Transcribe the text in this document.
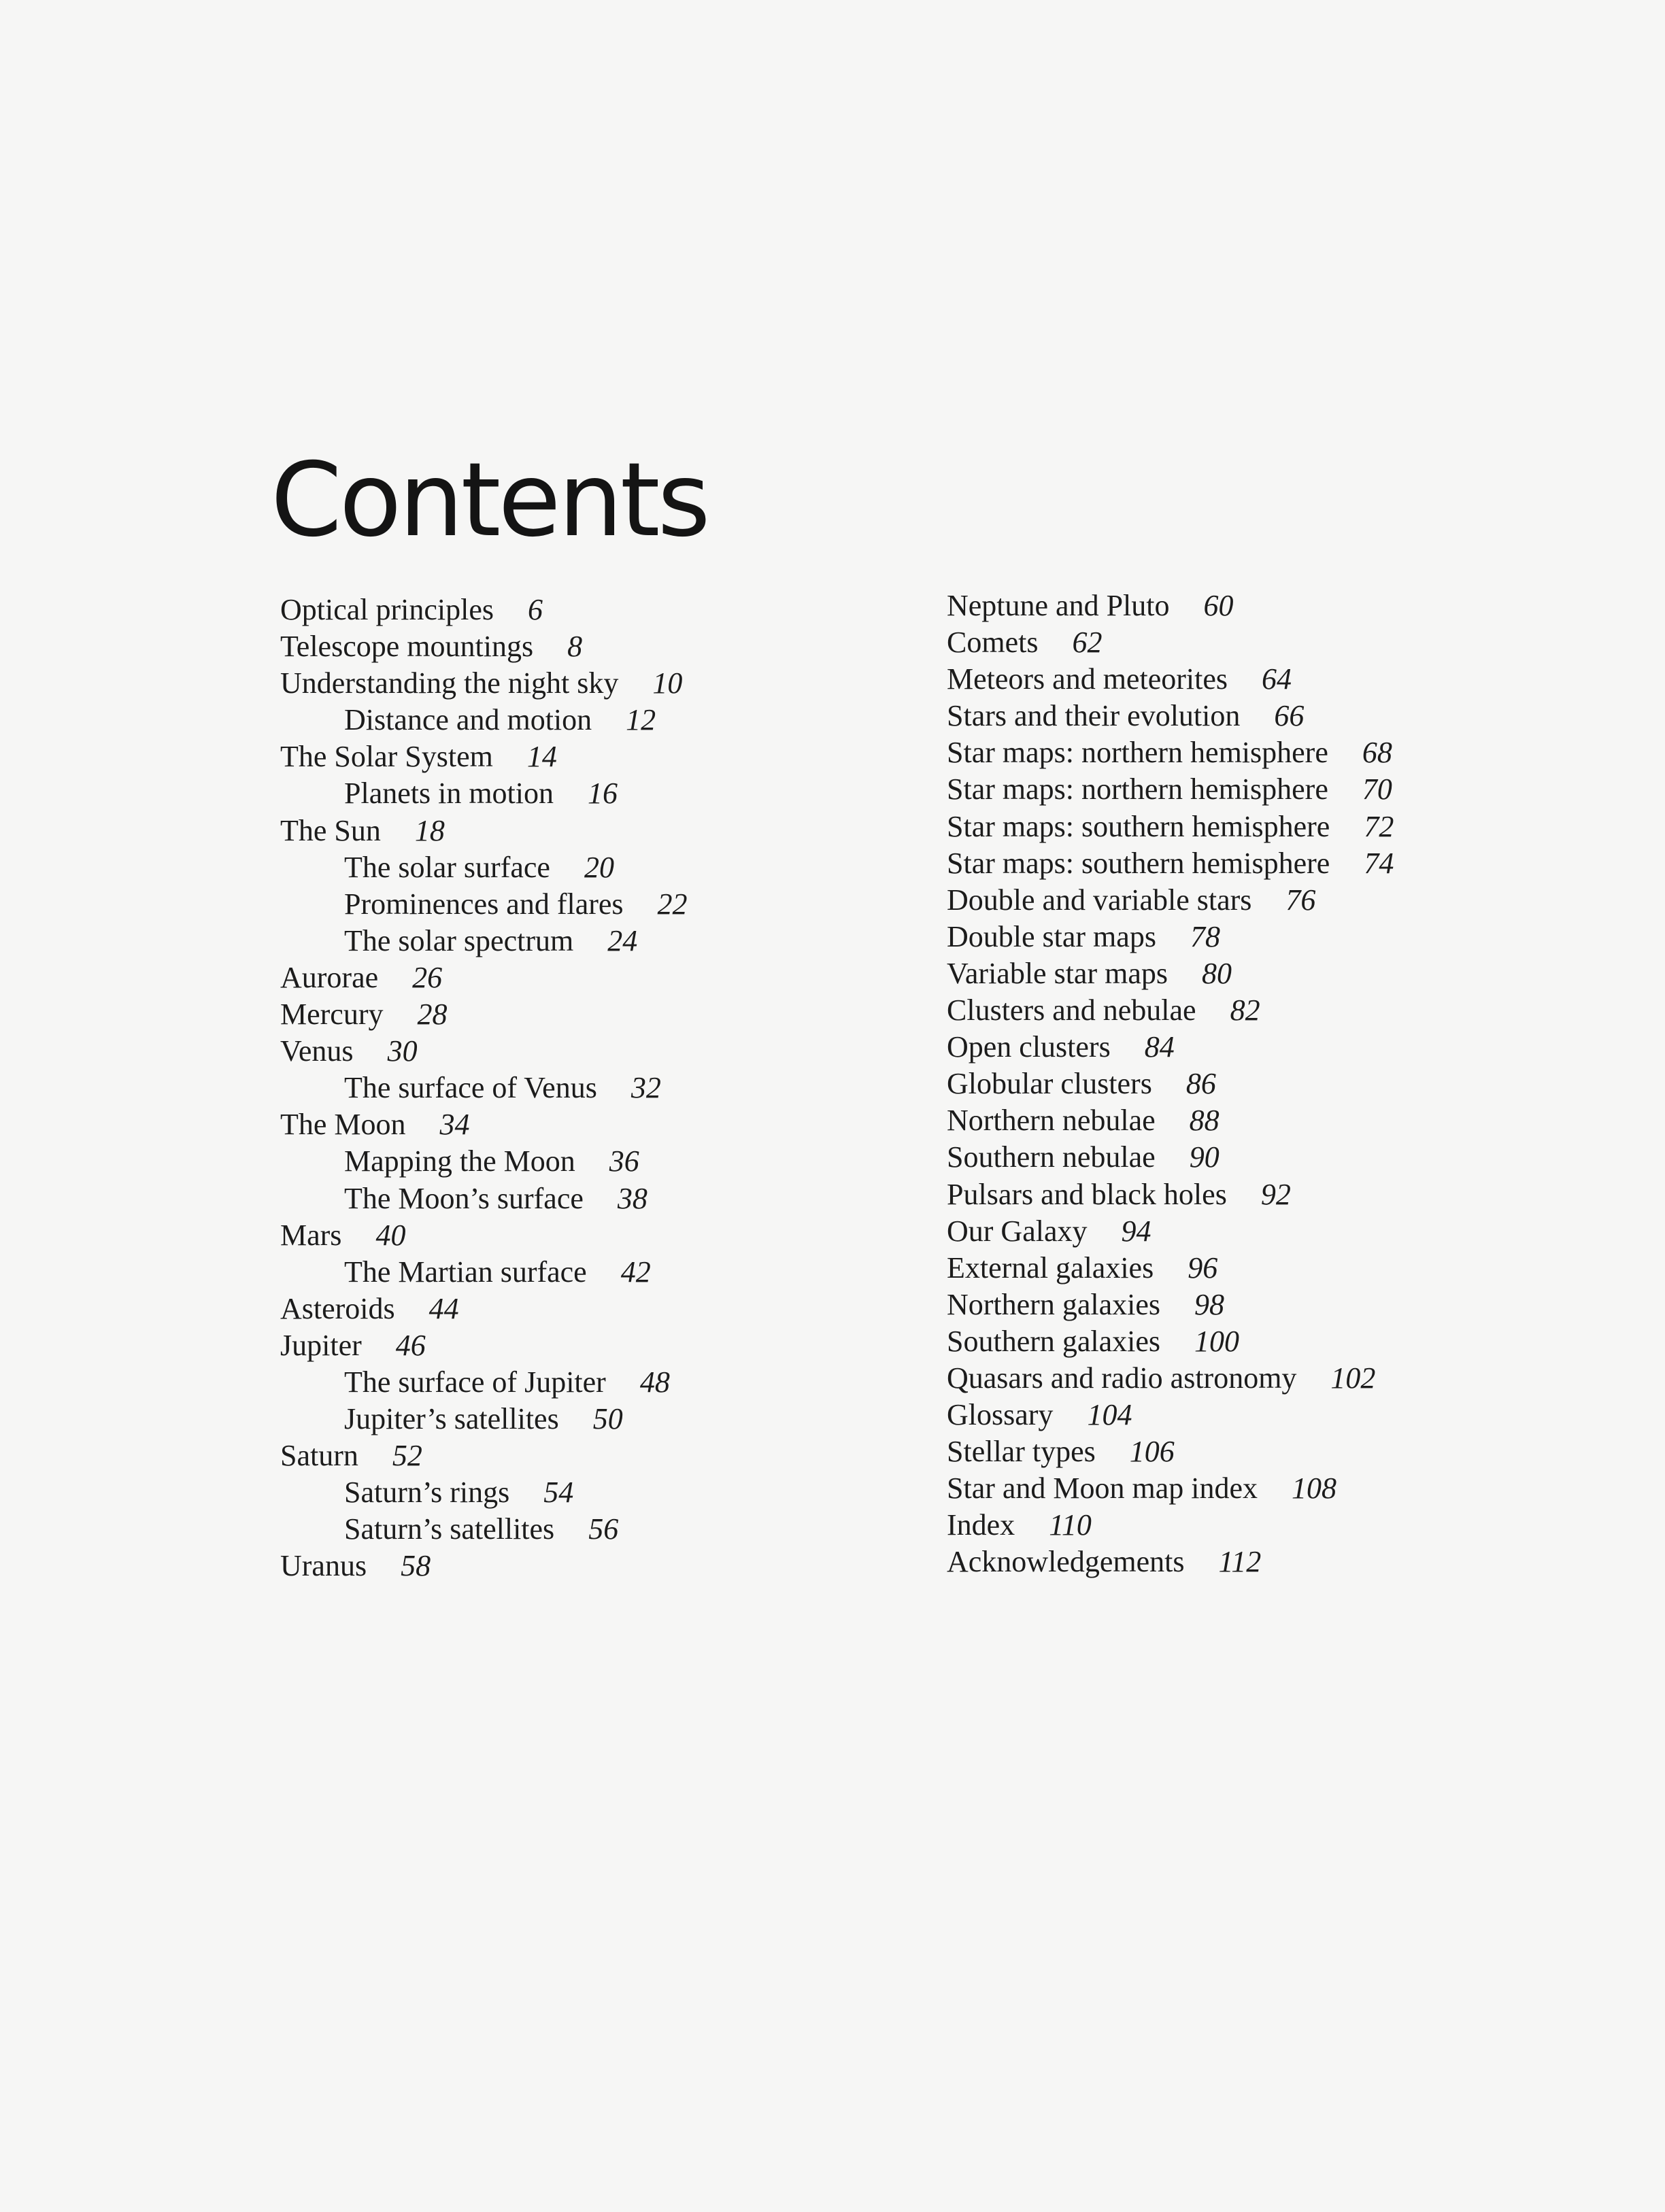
Contents
Optical principles 6
Telescope mountings 8
Understanding the night sky 10
Distance and motion 12
The Solar System 14
Planets in motion 16
The Sun 18
The solar surface 20
Prominences and flares 22
The solar spectrum 24
Aurorae 26
Mercury 28
Venus 30
The surface of Venus 32
The Moon 34
Mapping the Moon 36
The Moon’s surface 38
Mars 40
The Martian surface 42
Asteroids 44
Jupiter 46
The surface of Jupiter 48
Jupiter’s satellites 50
Saturn 52
Saturn’s rings 54
Saturn’s satellites 56
Uranus 58
Neptune and Pluto 60
Comets 62
Meteors and meteorites 64
Stars and their evolution 66
Star maps: northern hemisphere 68
Star maps: northern hemisphere 70
Star maps: southern hemisphere 72
Star maps: southern hemisphere 74
Double and variable stars 76
Double star maps 78
Variable star maps 80
Clusters and nebulae 82
Open clusters 84
Globular clusters 86
Northern nebulae 88
Southern nebulae 90
Pulsars and black holes 92
Our Galaxy 94
External galaxies 96
Northern galaxies 98
Southern galaxies 100
Quasars and radio astronomy 102
Glossary 104
Stellar types 106
Star and Moon map index 108
Index 110
Acknowledgements 112
